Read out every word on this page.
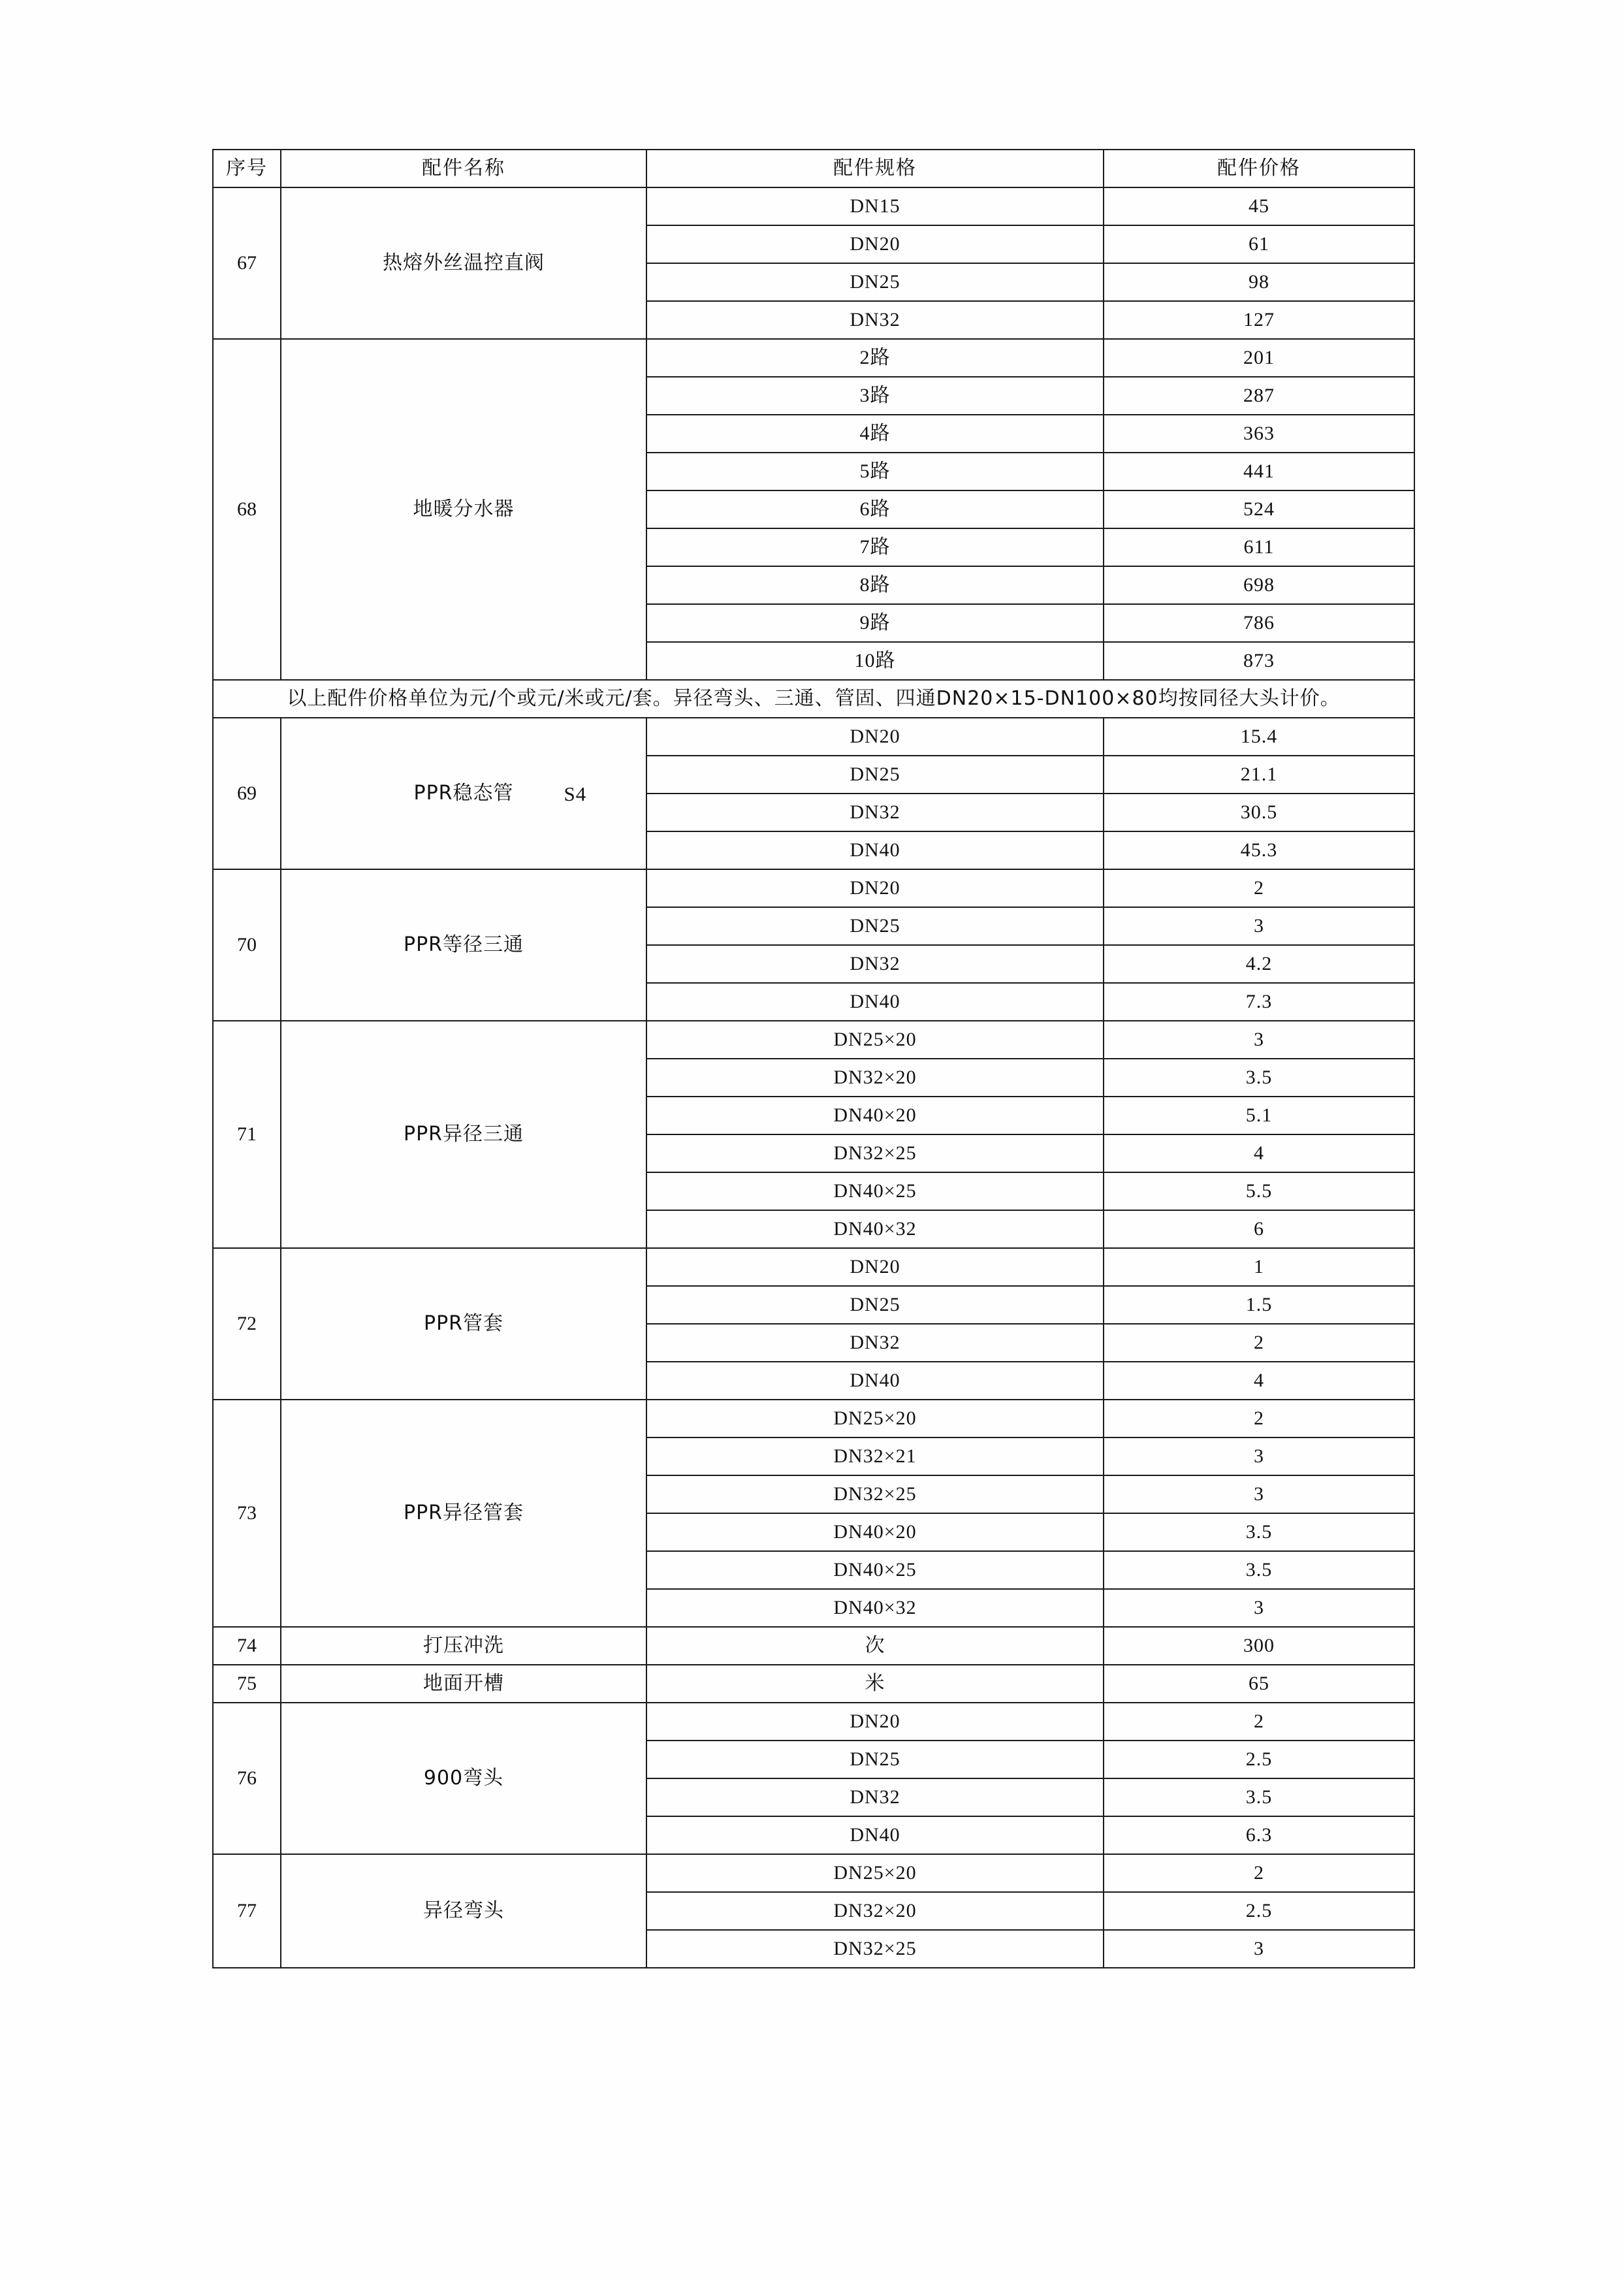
序号	配件名称	配件规格	配件价格
67	热熔外丝温控直阀	DN15	45
		DN20	61
		DN25	98
		DN32	127
68	地暖分水器	2路	201
		3路	287
		4路	363
		5路	441
		6路	524
		7路	611
		8路	698
		9路	786
		10路	873
以上配件价格单位为元/个或元/米或元/套。异径弯头、三通、管固、四通DN20×15-DN100×80均按同径大头计价。			
69	PPR稳态管 S4	DN20	15.4
		DN25	21.1
		DN32	30.5
		DN40	45.3
70	PPR等径三通	DN20	2
		DN25	3
		DN32	4.2
		DN40	7.3
71	PPR异径三通	DN25×20	3
		DN32×20	3.5
		DN40×20	5.1
		DN32×25	4
		DN40×25	5.5
		DN40×32	6
72	PPR管套	DN20	1
		DN25	1.5
		DN32	2
		DN40	4
73	PPR异径管套	DN25×20	2
		DN32×21	3
		DN32×25	3
		DN40×20	3.5
		DN40×25	3.5
		DN40×32	3
74	打压冲洗	次	300
75	地面开槽	米	65
76	900弯头	DN20	2
		DN25	2.5
		DN32	3.5
		DN40	6.3
77	异径弯头	DN25×20	2
		DN32×20	2.5
		DN32×25	3
